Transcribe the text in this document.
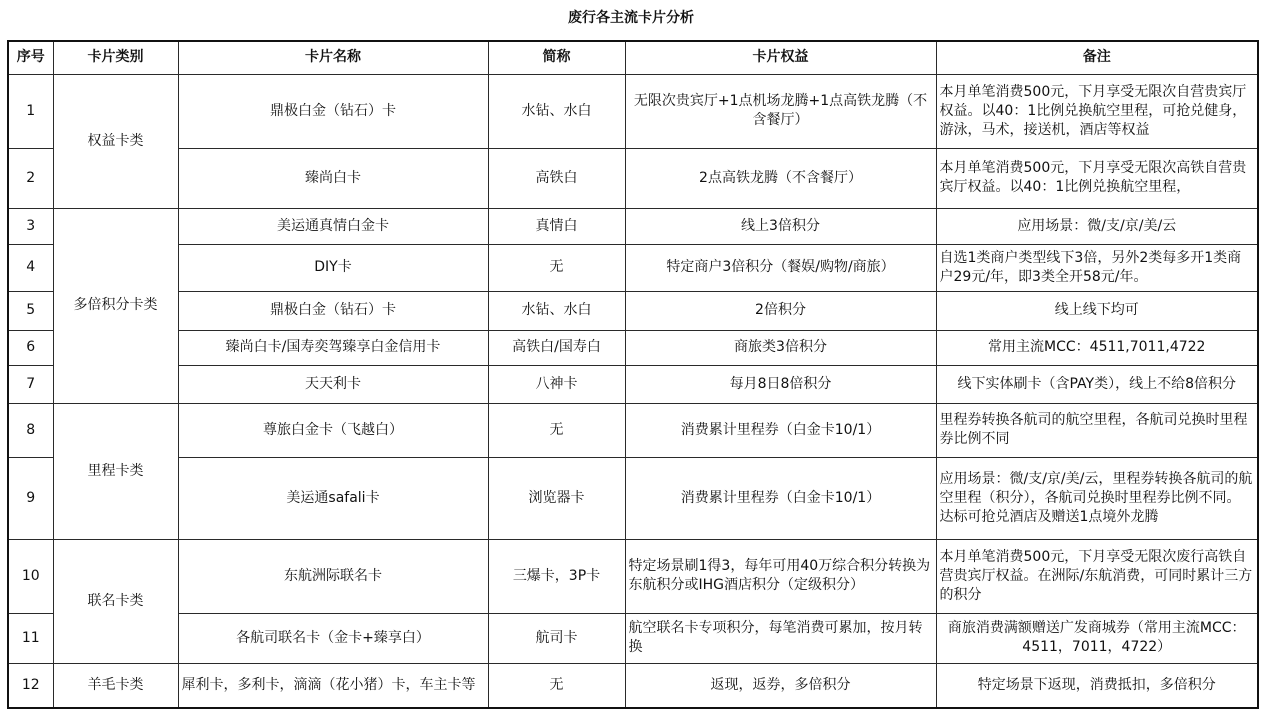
废行各主流卡片分析
序号	卡片类别	卡片名称	简称	卡片权益	备注
1	权益卡类	鼎极白金（钻石）卡	水钻、水白	无限次贵宾厅+1点机场龙腾+1点高铁龙腾（不含餐厅）	本月单笔消费500元，下月享受无限次自营贵宾厅权益。以40：1比例兑换航空里程，可抢兑健身，游泳，马术，接送机，酒店等权益
2		臻尚白卡	高铁白	2点高铁龙腾（不含餐厅）	本月单笔消费500元，下月享受无限次高铁自营贵宾厅权益。以40：1比例兑换航空里程，
3	多倍积分卡类	美运通真情白金卡	真情白	线上3倍积分	应用场景：微/支/京/美/云
4		DIY卡	无	特定商户3倍积分（餐娱/购物/商旅）	自选1类商户类型线下3倍，另外2类每多开1类商户29元/年，即3类全开58元/年。
5		鼎极白金（钻石）卡	水钻、水白	2倍积分	线上线下均可
6		臻尚白卡/国寿奕驾臻享白金信用卡	高铁白/国寿白	商旅类3倍积分	常用主流MCC：4511,7011,4722
7		天天利卡	八神卡	每月8日8倍积分	线下实体刷卡（含PAY类），线上不给8倍积分
8	里程卡类	尊旅白金卡（飞越白）	无	消费累计里程券（白金卡10/1）	里程券转换各航司的航空里程，各航司兑换时里程券比例不同
9		美运通safali卡	浏览器卡	消费累计里程券（白金卡10/1）	应用场景：微/支/京/美/云，里程券转换各航司的航空里程（积分），各航司兑换时里程券比例不同。达标可抢兑酒店及赠送1点境外龙腾
10	联名卡类	东航洲际联名卡	三爆卡，3P卡	特定场景刷1得3，每年可用40万综合积分转换为东航积分或IHG酒店积分（定级积分）	本月单笔消费500元，下月享受无限次废行高铁自营贵宾厅权益。在洲际/东航消费，可同时累计三方的积分
11		各航司联名卡（金卡+臻享白）	航司卡	航空联名卡专项积分，每笔消费可累加，按月转换	商旅消费满额赠送广发商城券（常用主流MCC：4511，7011，4722）
12	羊毛卡类	犀利卡，多利卡，滴滴（花小猪）卡，车主卡等	无	返现，返券，多倍积分	特定场景下返现，消费抵扣，多倍积分
